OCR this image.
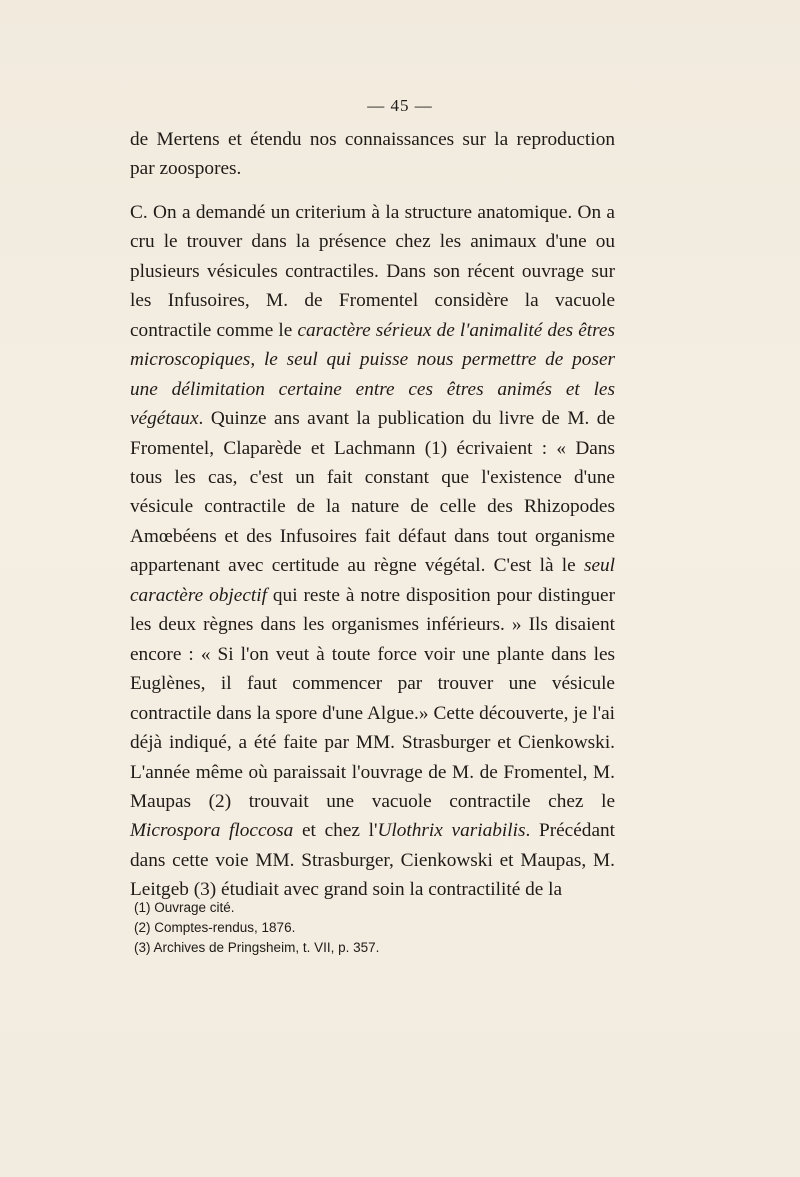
— 45 —

de Mertens et étendu nos connaissances sur la reproduction par zoospores.

C. On a demandé un criterium à la structure anatomique. On a cru le trouver dans la présence chez les animaux d'une ou plusieurs vésicules contractiles. Dans son récent ouvrage sur les Infusoires, M. de Fromentel considère la vacuole contractile comme le caractère sérieux de l'animalité des êtres microscopiques, le seul qui puisse nous permettre de poser une délimitation certaine entre ces êtres animés et les végétaux. Quinze ans avant la publication du livre de M. de Fromentel, Claparède et Lachmann (1) écrivaient : « Dans tous les cas, c'est un fait constant que l'existence d'une vésicule contractile de la nature de celle des Rhizopodes Amœbéens et des Infusoires fait défaut dans tout organisme appartenant avec certitude au règne végétal. C'est là le seul caractère objectif qui reste à notre disposition pour distinguer les deux règnes dans les organismes inférieurs. » Ils disaient encore : « Si l'on veut à toute force voir une plante dans les Euglènes, il faut commencer par trouver une vésicule contractile dans la spore d'une Algue.» Cette découverte, je l'ai déjà indiqué, a été faite par MM. Strasburger et Cienkowski. L'année même où paraissait l'ouvrage de M. de Fromentel, M. Maupas (2) trouvait une vacuole contractile chez le Microspora floccosa et chez l'Ulothrix variabilis. Précédant dans cette voie MM. Strasburger, Cienkowski et Maupas, M. Leitgeb (3) étudiait avec grand soin la contractilité de la

(1) Ouvrage cité.
(2) Comptes-rendus, 1876.
(3) Archives de Pringsheim, t. VII, p. 357.
